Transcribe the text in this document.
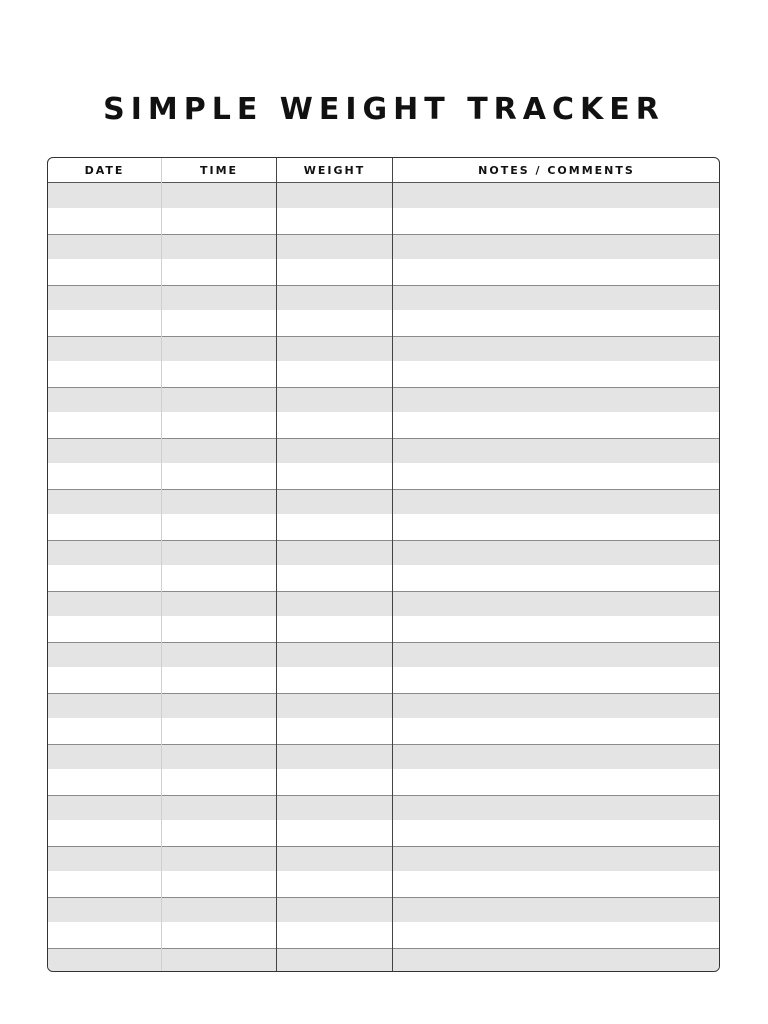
SIMPLE WEIGHT TRACKER
DATE	TIME	WEIGHT	NOTES / COMMENTS
